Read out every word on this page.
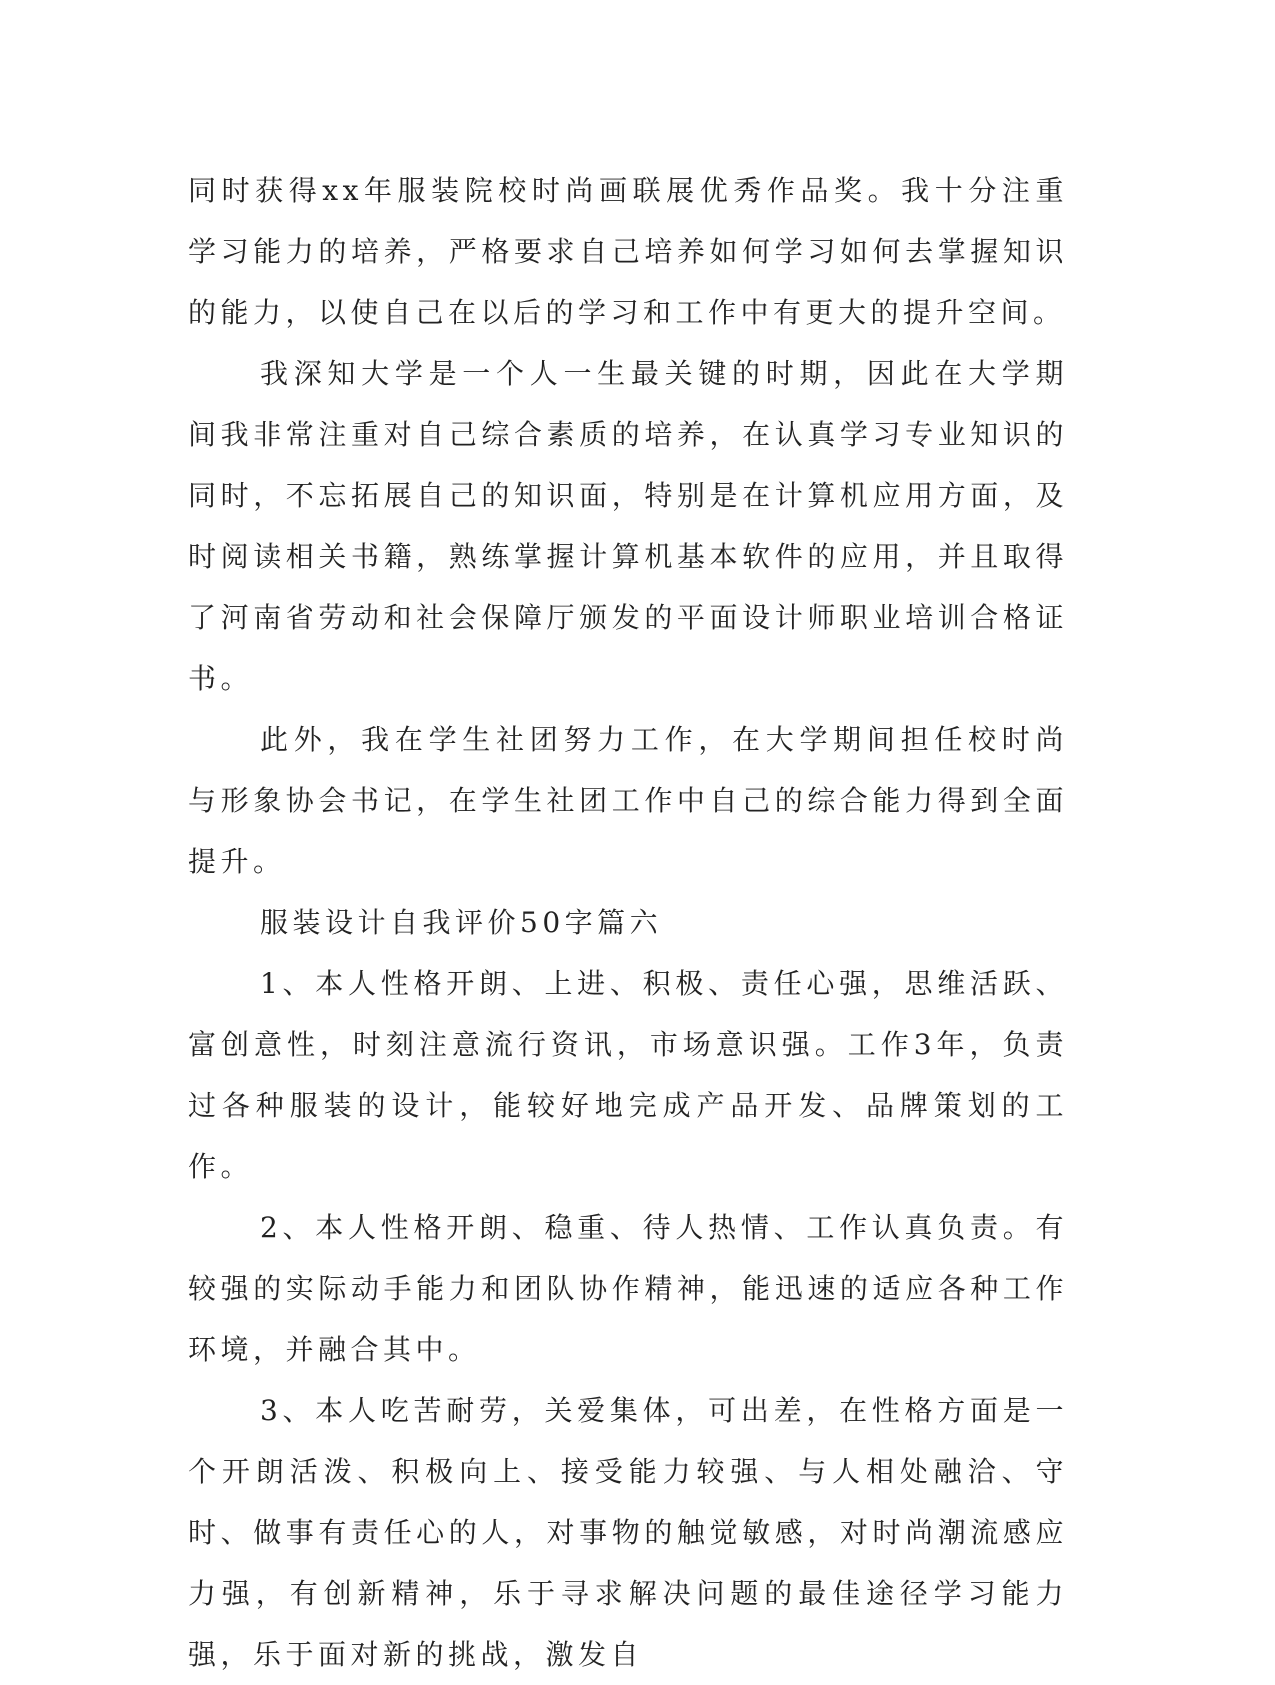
同时获得xx年服装院校时尚画联展优秀作品奖。我十分注重学习能力的培养，严格要求自己培养如何学习如何去掌握知识的能力，以使自己在以后的学习和工作中有更大的提升空间。

我深知大学是一个人一生最关键的时期，因此在大学期间我非常注重对自己综合素质的培养，在认真学习专业知识的同时，不忘拓展自己的知识面，特别是在计算机应用方面，及时阅读相关书籍，熟练掌握计算机基本软件的应用，并且取得了河南省劳动和社会保障厅颁发的平面设计师职业培训合格证书。

此外，我在学生社团努力工作，在大学期间担任校时尚与形象协会书记，在学生社团工作中自己的综合能力得到全面提升。

服装设计自我评价50字篇六

1、本人性格开朗、上进、积极、责任心强，思维活跃、富创意性，时刻注意流行资讯，市场意识强。工作3年，负责过各种服装的设计，能较好地完成产品开发、品牌策划的工作。

2、本人性格开朗、稳重、待人热情、工作认真负责。有较强的实际动手能力和团队协作精神，能迅速的适应各种工作环境，并融合其中。

3、本人吃苦耐劳，关爱集体，可出差，在性格方面是一个开朗活泼、积极向上、接受能力较强、与人相处融洽、守时、做事有责任心的人，对事物的触觉敏感，对时尚潮流感应力强，有创新精神，乐于寻求解决问题的最佳途径学习能力强，乐于面对新的挑战，激发自
